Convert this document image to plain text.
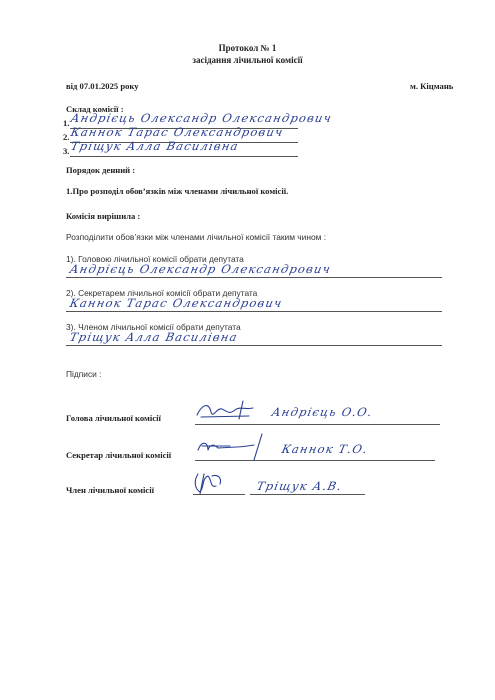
Протокол № 1
засідання лічильної комісії
від 07.01.2025 року	м. Кіцмань
Склад комісії :
1. Андрієць Олександр Олександрович
2. Каннок Тарас Олександрович
3. Тріщук Алла Василівна
Порядок денний :
1.Про розподіл обов’язків між членами лічильної комісії.
Комісія вирішила :
Розподілити обов’язки між членами лічильної комісії таким чином :
1). Головою лічильної комісії обрати депутата
Андрієць Олександр Олександрович
2). Секретарем лічильної комісії обрати депутата
Каннок Тарас Олександрович
3). Членом лічильної комісії обрати депутата
Тріщук Алла Василівна
Підписи :
Голова лічильної комісії	Андрієць О.О.
Секретар лічильної комісії	Каннок Т.О.
Член лічильної комісії	Тріщук А.В.
